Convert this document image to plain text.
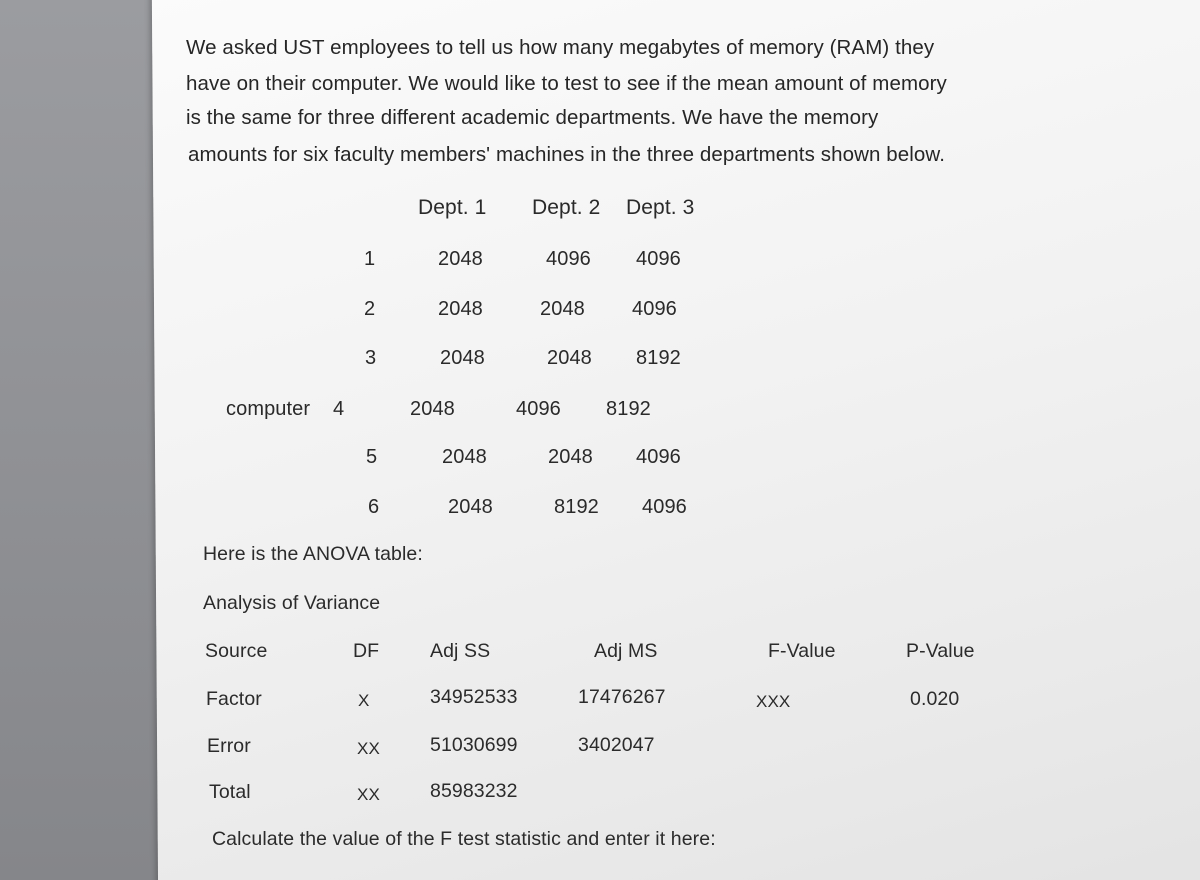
We asked UST employees to tell us how many megabytes of memory (RAM) they
have on their computer. We would like to test to see if the mean amount of memory
is the same for three different academic departments. We have the memory
amounts for six faculty members' machines in the three departments shown below.
Dept. 1 Dept. 2 Dept. 3
1	2048	4096 4096
2	2048	2048 4096
3	2048	2048 8192
computer 4	2048	4096 8192
5	2048	2048 4096
6	2048	8192 4096
Here is the ANOVA table:
Analysis of Variance
Source	DF	Adj SS	Adj MS	F-Value	P-Value
Factor	X	34952533	17476267	XXX	0.020
Error	XX	51030699	3402047
Total	XX	85983232
Calculate the value of the F test statistic and enter it here:
